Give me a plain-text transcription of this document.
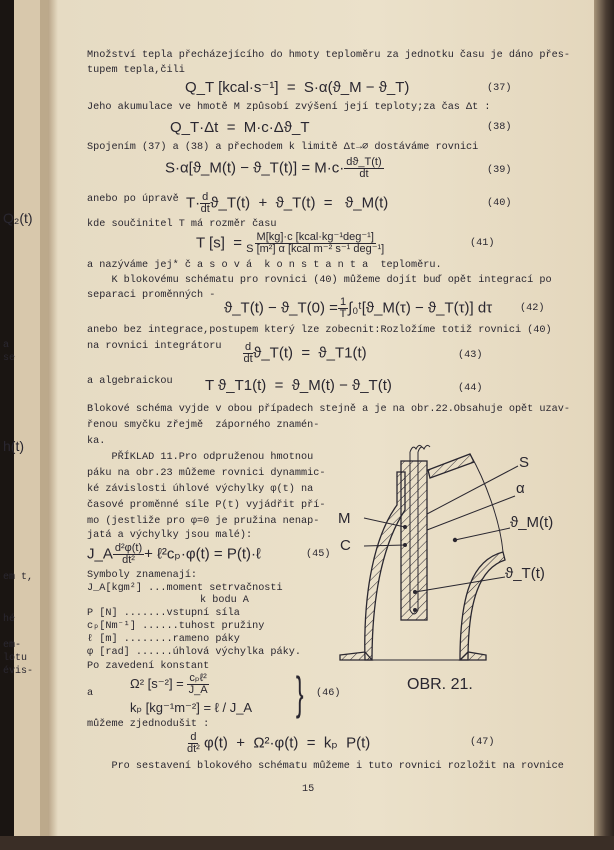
Q₂(t)
a
se
h(t)
em t,
hé
em-
lotu
évis-
Množství tepla přecházejícího do hmoty teploměru za jednotku času je dáno přes-
tupem tepla,čili
Q_T [kcal·s⁻¹]  =  S·α(ϑ_M − ϑ_T)	(37)
Jeho akumulace ve hmotě M způsobí zvýšení její teploty;za čas Δt :
Q_T·Δt  =  M·c·Δϑ_T	(38)
Spojením (37) a (38) a přechodem k limitě Δt→∅ dostáváme rovnici
S·α[ϑ_M(t) − ϑ_T(t)] = $M\cdot c\cdot \frac{dϑ\_T(t)}{dt}$	(39)
anebo po úpravě $T\cdot \frac{d}{dt}$ ϑ_T(t)  +  ϑ_T(t)  =   ϑ_M(t)	(40)
kde součinitel T má rozměr času
T $[s] = \frac{\text{M[kg]·c [kcal·kg⁻¹deg⁻¹]}}{\text{S [m²] α [kcal m⁻² s⁻¹ deg⁻¹]}}$	(41)
a nazýváme jej* č a s o v á  k o n s t a n t a  teploměru.
K blokovému schématu pro rovnici (40) můžeme dojít buď opět integrací po
separaci proměnných -
ϑ_T(t) − ϑ_T(0) = $\frac{1}{T}$ ∫₀ᵗ[ϑ_M(τ) − ϑ_T(τ)] dτ	(42)
anebo bez integrace,postupem který lze zobecnit:Rozložíme totiž rovnici (40)
na rovnici integrátoru $\frac{d}{dt}$ ϑ_T(t)  =  ϑ_T1(t)	(43)
a algebraickou T ϑ_T1(t)  =  ϑ_M(t) − ϑ_T(t)	(44)
Blokové schéma vyjde v obou případech stejně a je na obr.22.Obsahuje opět uzav-
řenou smyčku zřejmě  záporného znamén-
ka.
PŘÍKLAD 11.Pro odpruženou hmotnou
páku na obr.23 můžeme rovnici dynammic-
ké závislosti úhlové výchylky φ(t) na
časové proměnné síle P(t) vyjádřit pří-
mo (jestliže pro φ=0 je pružina nenap-
jatá a výchylky jsou malé):
J_A $\frac{\text{d²φ(t)}}{\text{dt²}}$ + ℓ²cₚ·φ(t) = P(t)·ℓ	(45)
Symboly znamenají:
J_A[kgm²] ...moment setrvačnosti
k bodu A
P [N] .......vstupní síla
cₚ[Nm⁻¹] ......tuhost pružiny
ℓ [m] ........rameno páky
φ [rad] ......úhlová výchylka páky.
Po zavedení konstant
a
Ω² $[s^{-2}] = \frac{\text{cₚℓ²}}{J\_A}$
kₚ [kg⁻¹m⁻²] = ℓ / J_A } (46)
můžeme zjednodušit :
$\frac{d}{\text{dt²}} \varphi(t) + \Omega^2\cdot\varphi(t) = k_p$  P(t)	(47)
Pro sestavení blokového schématu můžeme i tuto rovnici rozložit na rovnice
15
S
α
M	ϑ_M(t)
C
ϑ_T(t)
OBR. 21.
